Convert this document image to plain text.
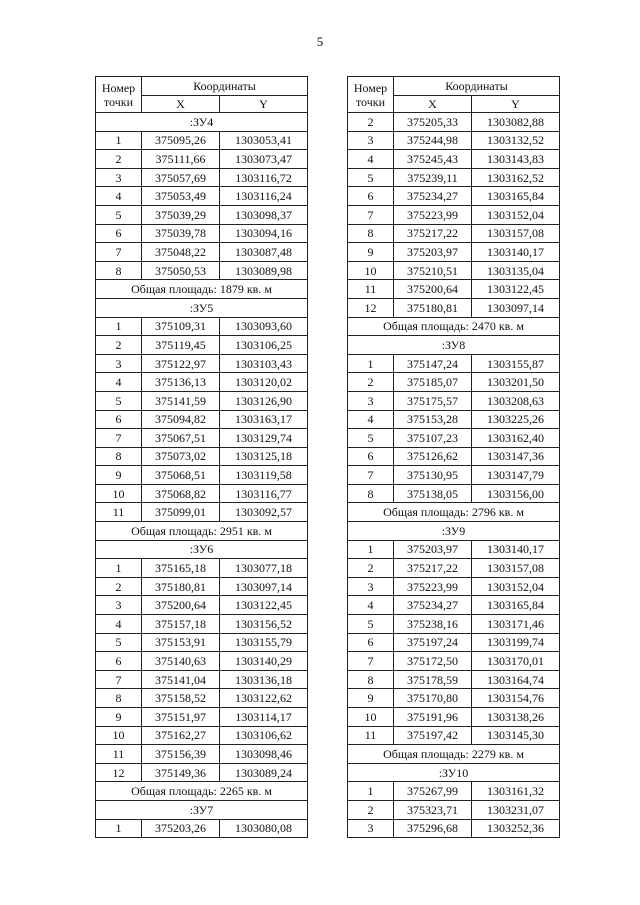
5
Номер точки	Координаты	
	X	Y
:ЗУ4		
1	375095,26	1303053,41
2	375111,66	1303073,47
3	375057,69	1303116,72
4	375053,49	1303116,24
5	375039,29	1303098,37
6	375039,78	1303094,16
7	375048,22	1303087,48
8	375050,53	1303089,98
Общая площадь: 1879 кв. м		
:ЗУ5		
1	375109,31	1303093,60
2	375119,45	1303106,25
3	375122,97	1303103,43
4	375136,13	1303120,02
5	375141,59	1303126,90
6	375094,82	1303163,17
7	375067,51	1303129,74
8	375073,02	1303125,18
9	375068,51	1303119,58
10	375068,82	1303116,77
11	375099,01	1303092,57
Общая площадь: 2951 кв. м		
:ЗУ6		
1	375165,18	1303077,18
2	375180,81	1303097,14
3	375200,64	1303122,45
4	375157,18	1303156,52
5	375153,91	1303155,79
6	375140,63	1303140,29
7	375141,04	1303136,18
8	375158,52	1303122,62
9	375151,97	1303114,17
10	375162,27	1303106,62
11	375156,39	1303098,46
12	375149,36	1303089,24
Общая площадь: 2265 кв. м		
:ЗУ7		
1	375203,26	1303080,08
Номер точки	Координаты	
	X	Y
2	375205,33	1303082,88
3	375244,98	1303132,52
4	375245,43	1303143,83
5	375239,11	1303162,52
6	375234,27	1303165,84
7	375223,99	1303152,04
8	375217,22	1303157,08
9	375203,97	1303140,17
10	375210,51	1303135,04
11	375200,64	1303122,45
12	375180,81	1303097,14
Общая площадь: 2470 кв. м		
:ЗУ8		
1	375147,24	1303155,87
2	375185,07	1303201,50
3	375175,57	1303208,63
4	375153,28	1303225,26
5	375107,23	1303162,40
6	375126,62	1303147,36
7	375130,95	1303147,79
8	375138,05	1303156,00
Общая площадь: 2796 кв. м		
:ЗУ9		
1	375203,97	1303140,17
2	375217,22	1303157,08
3	375223,99	1303152,04
4	375234,27	1303165,84
5	375238,16	1303171,46
6	375197,24	1303199,74
7	375172,50	1303170,01
8	375178,59	1303164,74
9	375170,80	1303154,76
10	375191,96	1303138,26
11	375197,42	1303145,30
Общая площадь: 2279 кв. м		
:ЗУ10		
1	375267,99	1303161,32
2	375323,71	1303231,07
3	375296,68	1303252,36
